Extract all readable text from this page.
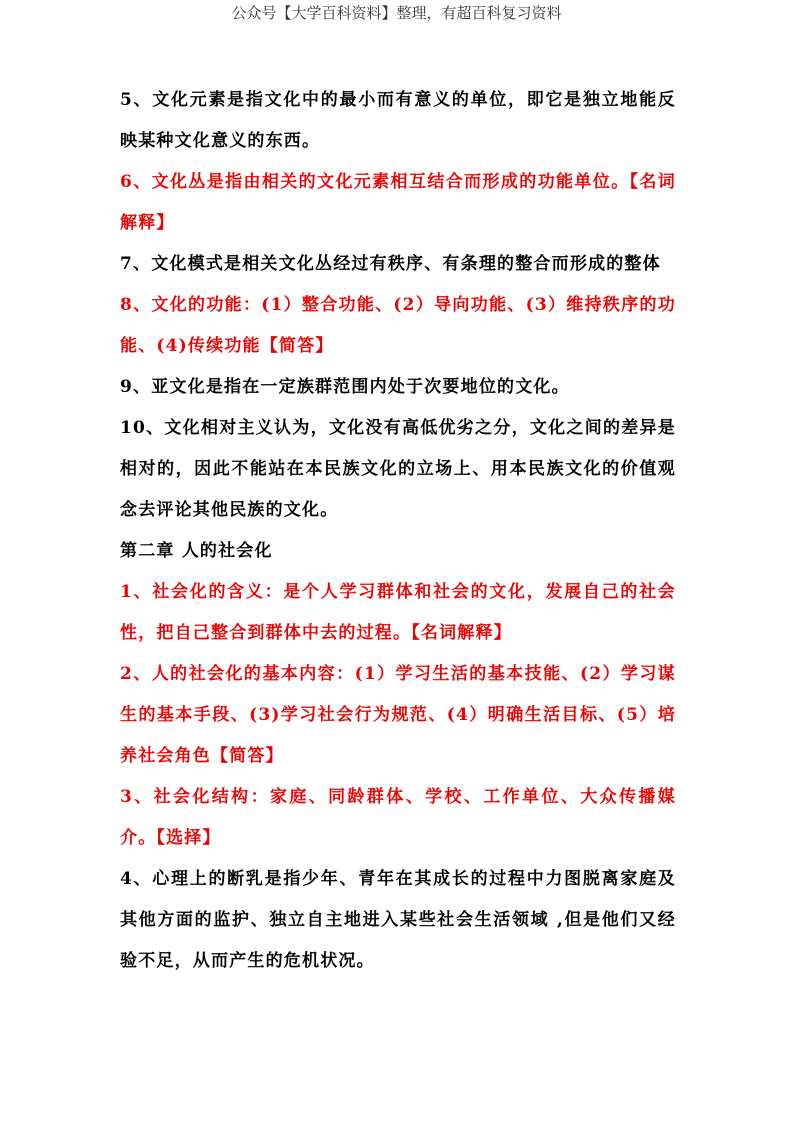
公众号【大学百科资料】整理，有超百科复习资料

5、文化元素是指文化中的最小而有意义的单位，即它是独立地能反映某种文化意义的东西。

6、文化丛是指由相关的文化元素相互结合而形成的功能单位。【名词解释】

7、文化模式是相关文化丛经过有秩序、有条理的整合而形成的整体

8、文化的功能：(1）整合功能、(2）导向功能、(3）维持秩序的功能、(4)传续功能【简答】

9、亚文化是指在一定族群范围内处于次要地位的文化。

10、文化相对主义认为，文化没有高低优劣之分，文化之间的差异是相对的，因此不能站在本民族文化的立场上、用本民族文化的价值观念去评论其他民族的文化。

第二章 人的社会化

1、社会化的含义：是个人学习群体和社会的文化，发展自己的社会性，把自己整合到群体中去的过程。【名词解释】

2、人的社会化的基本内容：(1）学习生活的基本技能、(2）学习谋生的基本手段、(3)学习社会行为规范、(4）明确生活目标、(5）培养社会角色【简答】

3、社会化结构：家庭、同龄群体、学校、工作单位、大众传播媒介。【选择】

4、心理上的断乳是指少年、青年在其成长的过程中力图脱离家庭及其他方面的监护、独立自主地进入某些社会生活领域 ,但是他们又经验不足，从而产生的危机状况。
